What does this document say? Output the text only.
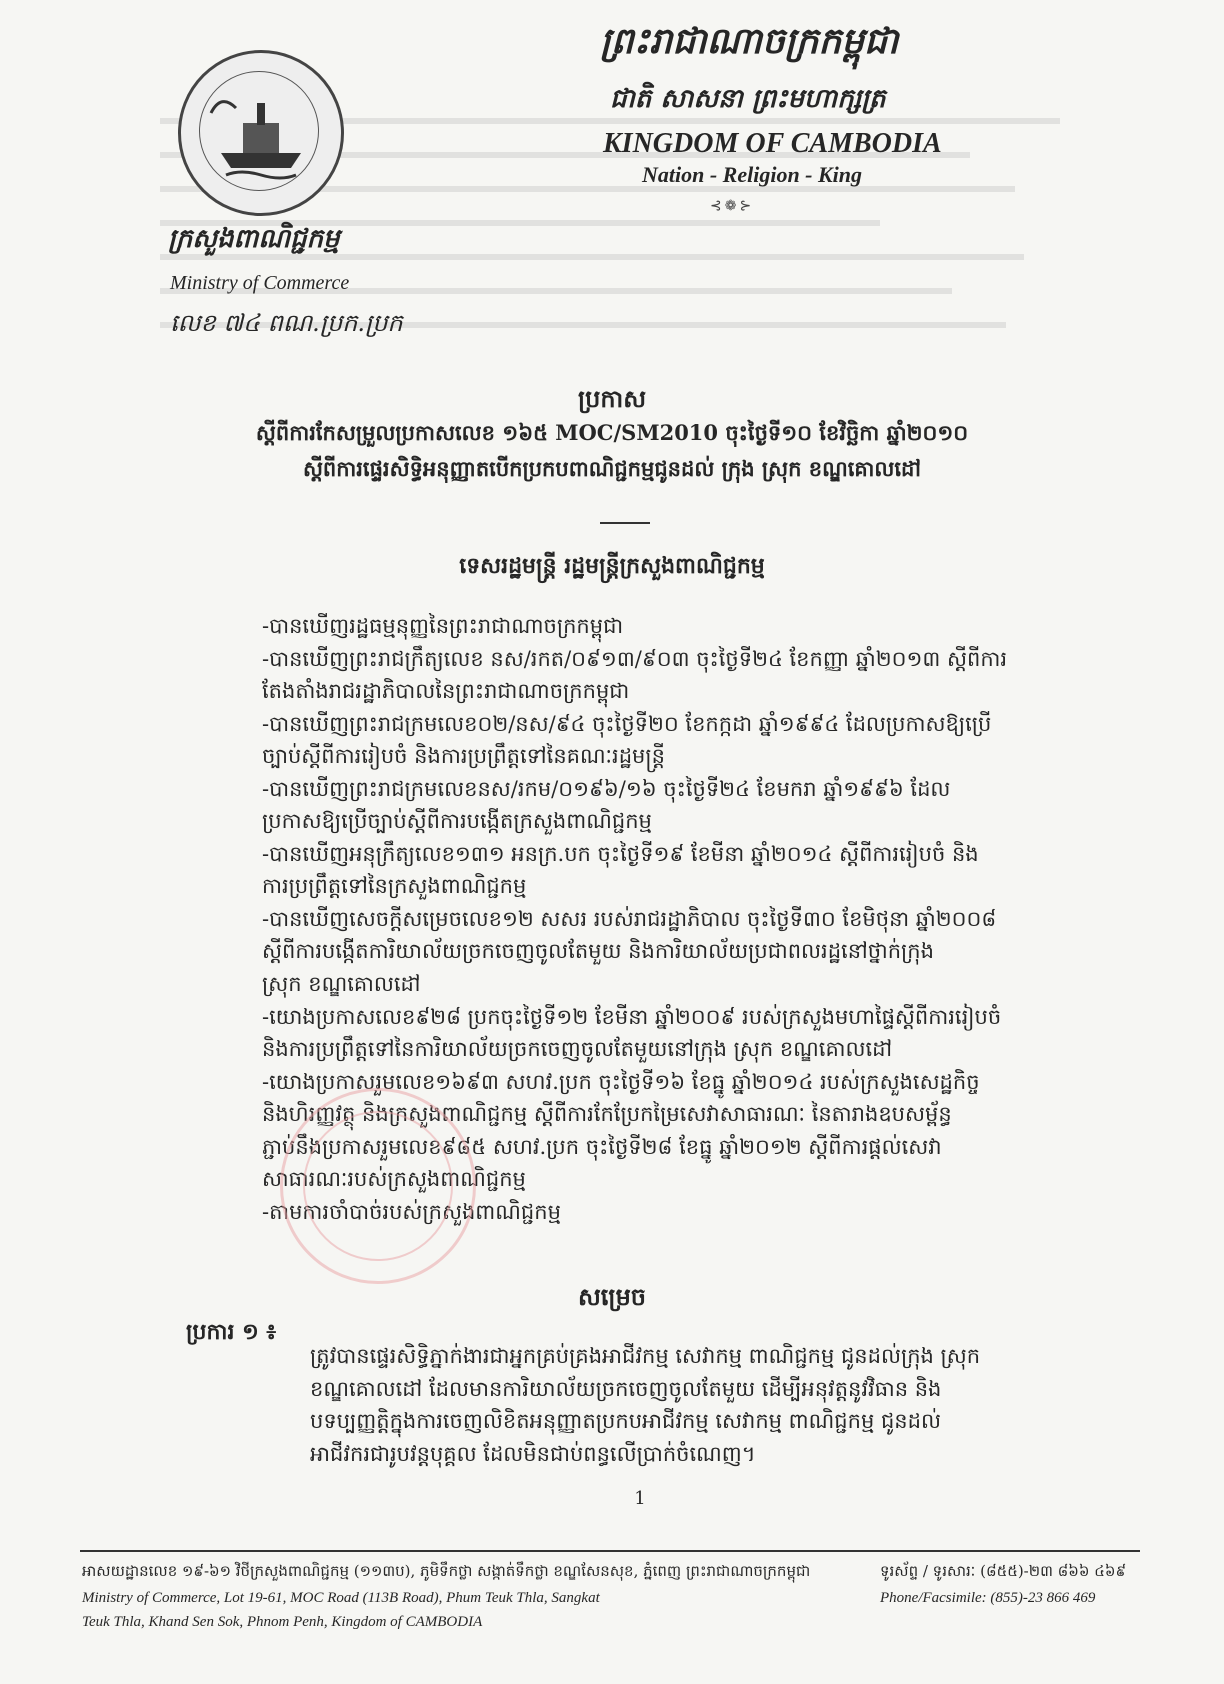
ព្រះរាជាណាចក្រកម្ពុជា
ជាតិ សាសនា ព្រះមហាក្សត្រ
KINGDOM OF CAMBODIA
Nation - Religion - King
⊰❁⊱
ក្រសួងពាណិជ្ជកម្ម
Ministry of Commerce
លេខ ៧៤ ពណ.ប្រក.ប្រក
ប្រកាស
ស្ដីពីការកែសម្រួលប្រកាសលេខ ១៦៥ MOC/SM2010 ចុះថ្ងៃទី១០ ខែវិច្ឆិកា ឆ្នាំ២០១០
ស្ដីពីការផ្ទេរសិទ្ធិអនុញ្ញាតបើកប្រកបពាណិជ្ជកម្មជូនដល់ ក្រុង ស្រុក ខណ្ឌគោលដៅ
ទេសរដ្ឋមន្ត្រី រដ្ឋមន្ត្រីក្រសួងពាណិជ្ជកម្ម
-បានឃើញរដ្ឋធម្មនុញ្ញនៃព្រះរាជាណាចក្រកម្ពុជា
-បានឃើញព្រះរាជក្រឹត្យលេខ នស/រកត/០៩១៣/៩០៣ ចុះថ្ងៃទី២៤ ខែកញ្ញា ឆ្នាំ២០១៣ ស្ដីពីការ
តែងតាំងរាជរដ្ឋាភិបាលនៃព្រះរាជាណាចក្រកម្ពុជា
-បានឃើញព្រះរាជក្រមលេខ០២/នស/៩៤ ចុះថ្ងៃទី២០ ខែកក្កដា ឆ្នាំ១៩៩៤ ដែលប្រកាសឱ្យប្រើ
ច្បាប់ស្ដីពីការរៀបចំ និងការប្រព្រឹត្តទៅនៃគណៈរដ្ឋមន្ត្រី
-បានឃើញព្រះរាជក្រមលេខនស/រកម/០១៩៦/១៦ ចុះថ្ងៃទី២៤ ខែមករា ឆ្នាំ១៩៩៦ ដែល
ប្រកាសឱ្យប្រើច្បាប់ស្ដីពីការបង្កើតក្រសួងពាណិជ្ជកម្ម
-បានឃើញអនុក្រឹត្យលេខ១៣១ អនក្រ.បក ចុះថ្ងៃទី១៩ ខែមីនា ឆ្នាំ២០១៤ ស្ដីពីការរៀបចំ និង
ការប្រព្រឹត្តទៅនៃក្រសួងពាណិជ្ជកម្ម
-បានឃើញសេចក្ដីសម្រេចលេខ១២ សសរ របស់រាជរដ្ឋាភិបាល ចុះថ្ងៃទី៣០ ខែមិថុនា ឆ្នាំ២០០៨
ស្ដីពីការបង្កើតការិយាល័យច្រកចេញចូលតែមួយ និងការិយាល័យប្រជាពលរដ្ឋនៅថ្នាក់ក្រុង
ស្រុក ខណ្ឌគោលដៅ
-យោងប្រកាសលេខ៩២៨ ប្រកចុះថ្ងៃទី១២ ខែមីនា ឆ្នាំ២០០៩ របស់ក្រសួងមហាផ្ទៃស្ដីពីការរៀបចំ
និងការប្រព្រឹត្តទៅនៃការិយាល័យច្រកចេញចូលតែមួយនៅក្រុង ស្រុក ខណ្ឌគោលដៅ
-យោងប្រកាសរួមលេខ១៦៩៣ សហវ.ប្រក ចុះថ្ងៃទី១៦ ខែធ្នូ ឆ្នាំ២០១៤ របស់ក្រសួងសេដ្ឋកិច្ច
និងហិរញ្ញវត្ថុ និងក្រសួងពាណិជ្ជកម្ម ស្ដីពីការកែប្រែកម្រៃសេវាសាធារណៈ នៃតារាងឧបសម្ព័ន្ធ
ភ្ជាប់នឹងប្រកាសរួមលេខ៩៨៥ សហវ.ប្រក ចុះថ្ងៃទី២៨ ខែធ្នូ ឆ្នាំ២០១២ ស្ដីពីការផ្ដល់សេវា
សាធារណៈរបស់ក្រសួងពាណិជ្ជកម្ម
-តាមការចាំបាច់របស់ក្រសួងពាណិជ្ជកម្ម
សម្រេច
ប្រការ ១ ៖
ត្រូវបានផ្ទេរសិទ្ធិភ្នាក់ងារជាអ្នកគ្រប់គ្រងអាជីវកម្ម សេវាកម្ម ពាណិជ្ជកម្ម ជូនដល់ក្រុង ស្រុក
ខណ្ឌគោលដៅ ដែលមានការិយាល័យច្រកចេញចូលតែមួយ ដើម្បីអនុវត្តនូវវិធាន និង
បទប្បញ្ញត្តិក្នុងការចេញលិខិតអនុញ្ញាតប្រកបអាជីវកម្ម សេវាកម្ម ពាណិជ្ជកម្ម ជូនដល់
អាជីវករជារូបវន្តបុគ្គល ដែលមិនជាប់ពន្ធលើប្រាក់ចំណេញ។
1
អាសយដ្ឋានលេខ ១៩-៦១ វិថីក្រសួងពាណិជ្ជកម្ម (១១៣ប), ភូមិទឹកថ្លា សង្កាត់ទឹកថ្លា ខណ្ឌសែនសុខ, ភ្នំពេញ ព្រះរាជាណាចក្រកម្ពុជា
Ministry of Commerce, Lot 19-61, MOC Road (113B Road), Phum Teuk Thla, Sangkat
Teuk Thla, Khand Sen Sok, Phnom Penh, Kingdom of CAMBODIA
ទូរស័ព្ទ / ទូរសារៈ (៨៥៥)-២៣ ៨៦៦ ៤៦៩
Phone/Facsimile: (855)-23 866 469
